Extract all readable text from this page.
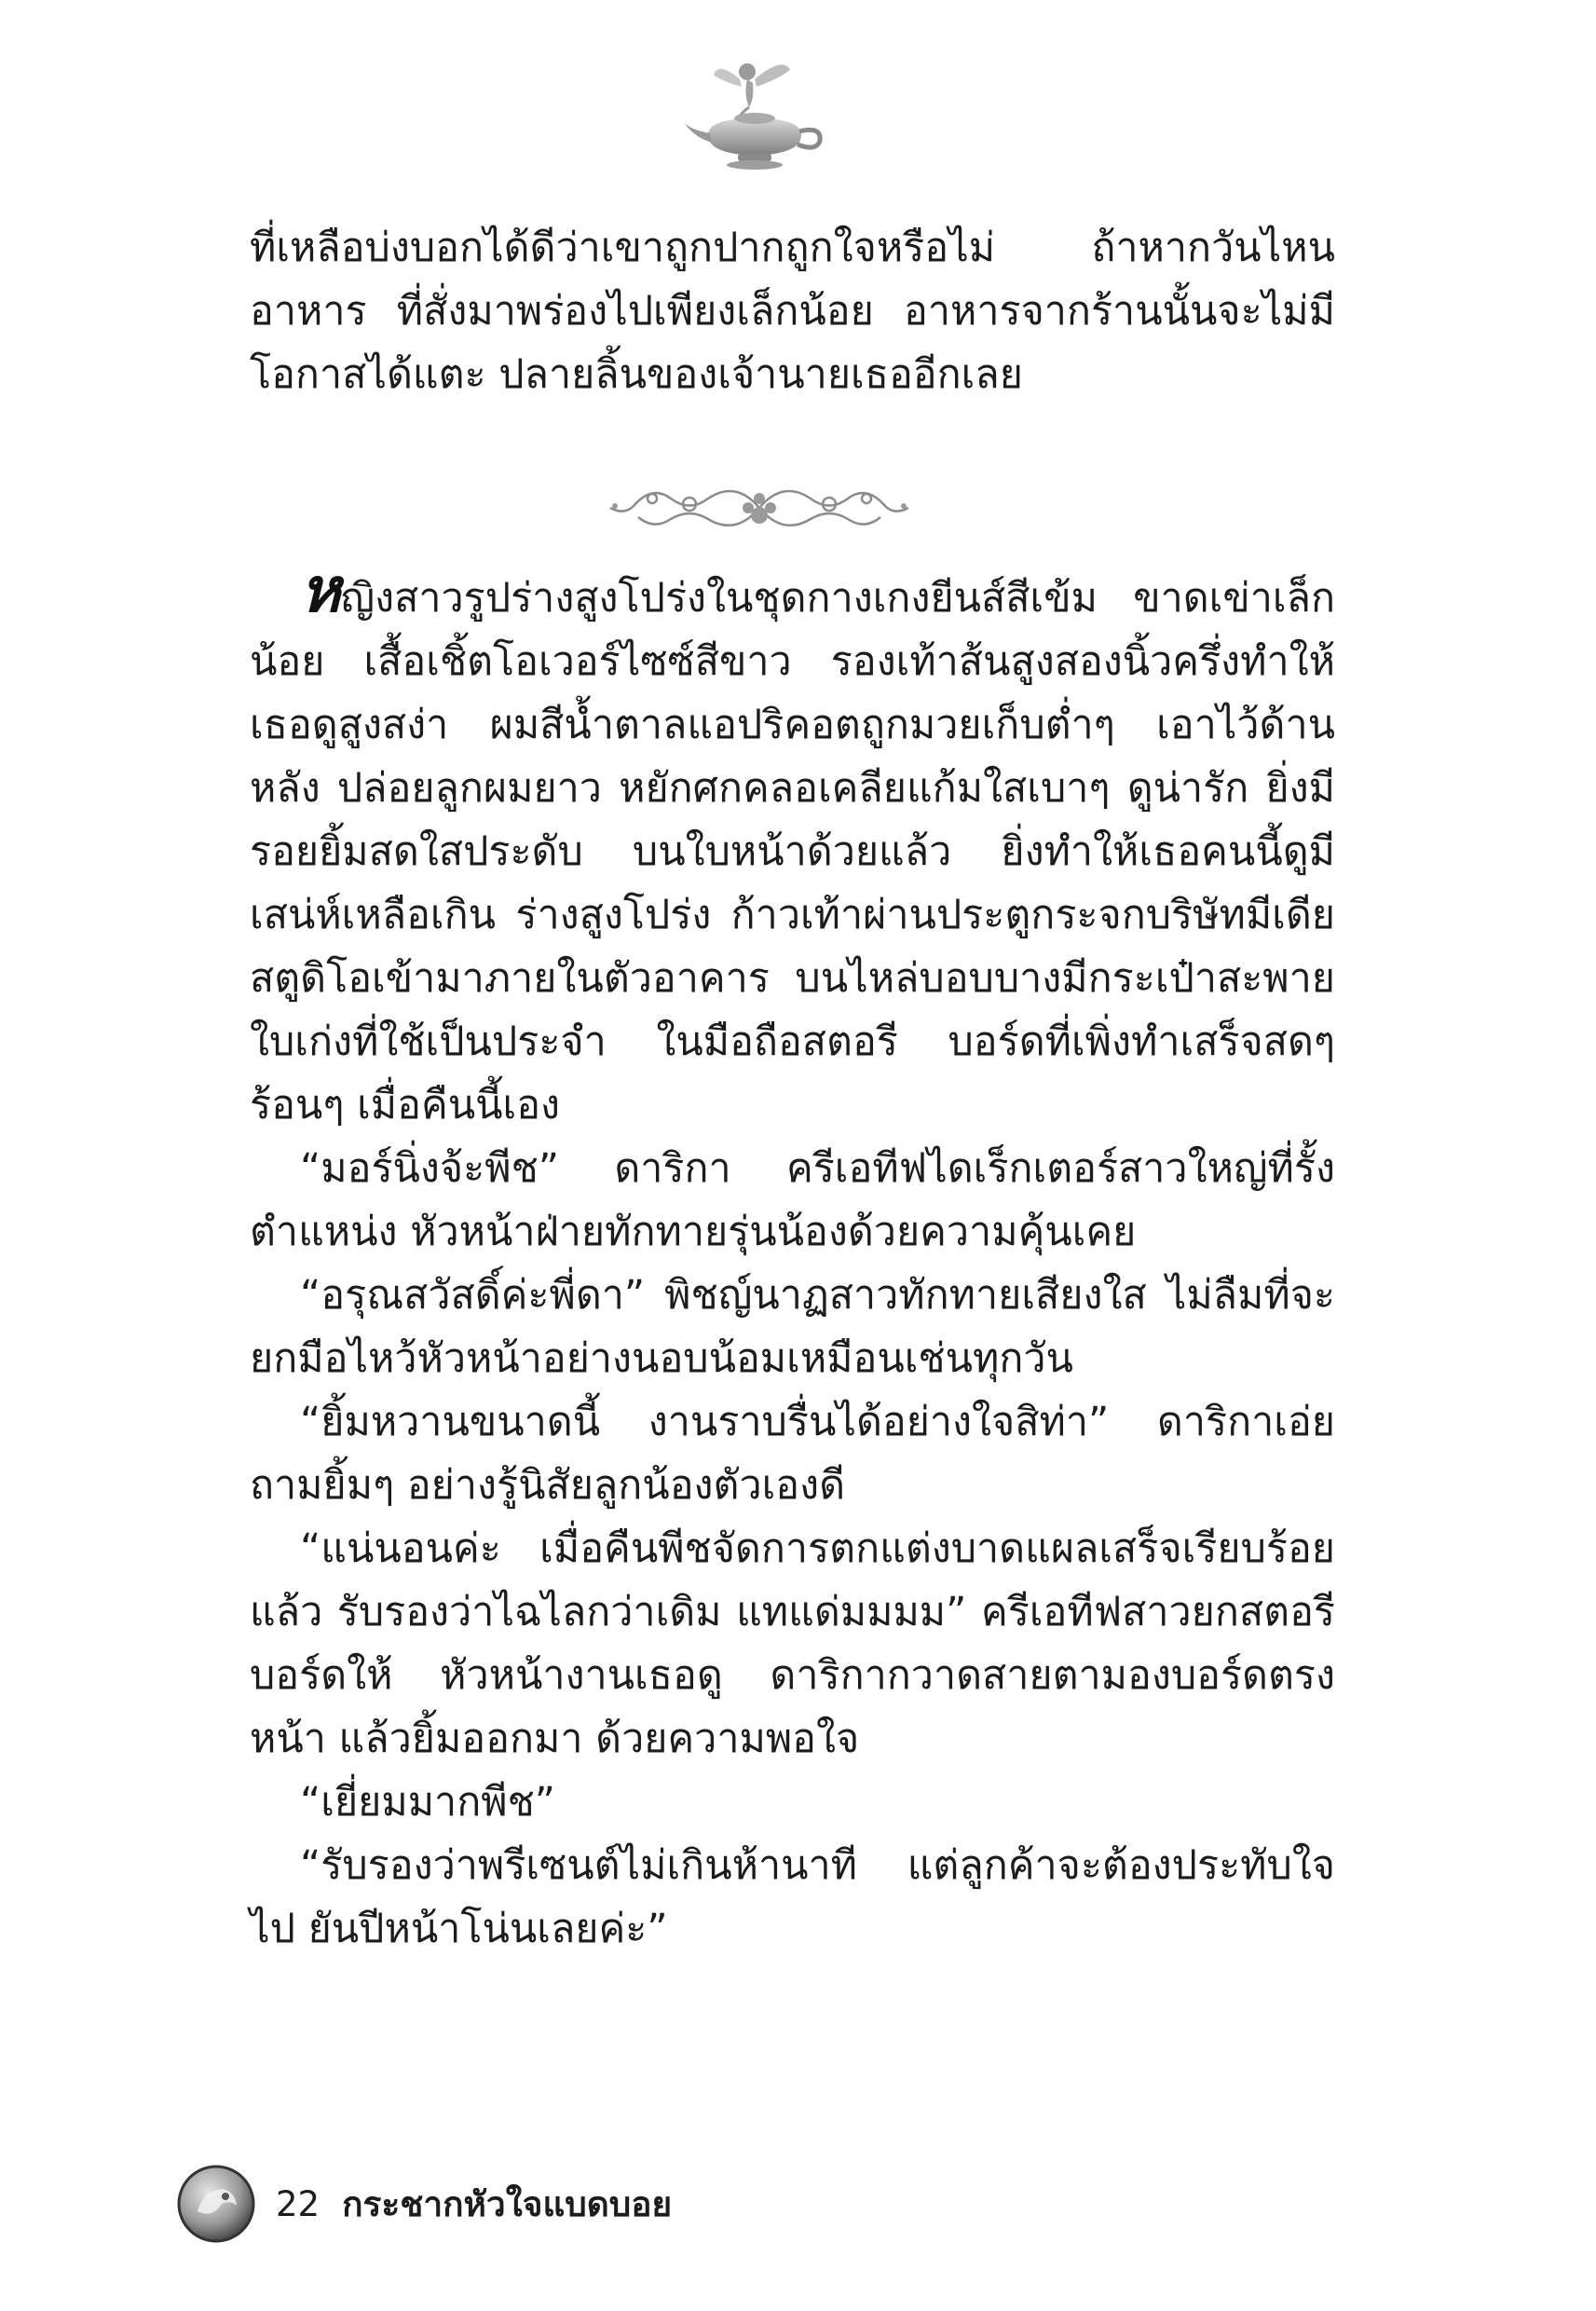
ที่เหลือบ่งบอกได้ดีว่าเขาถูกปากถูกใจหรือไม่ ถ้าหากวันไหนอาหาร ที่สั่งมาพร่องไปเพียงเล็กน้อย อาหารจากร้านนั้นจะไม่มีโอกาสได้แตะ ปลายลิ้นของเจ้านายเธออีกเลย

หญิงสาวรูปร่างสูงโปร่งในชุดกางเกงยีนส์สีเข้ม ขาดเข่าเล็กน้อย เสื้อเชิ้ตโอเวอร์ไซซ์สีขาว รองเท้าส้นสูงสองนิ้วครึ่งทำให้เธอดูสูงสง่า ผมสีน้ำตาลแอปริคอตถูกมวยเก็บต่ำๆ เอาไว้ด้านหลัง ปล่อยลูกผมยาว หยักศกคลอเคลียแก้มใสเบาๆ ดูน่ารัก ยิ่งมีรอยยิ้มสดใสประดับ บนใบหน้าด้วยแล้ว ยิ่งทำให้เธอคนนี้ดูมีเสน่ห์เหลือเกิน ร่างสูงโปร่ง ก้าวเท้าผ่านประตูกระจกบริษัทมีเดียสตูดิโอเข้ามาภายในตัวอาคาร บนไหล่บอบบางมีกระเป๋าสะพายใบเก่งที่ใช้เป็นประจำ ในมือถือสตอรี บอร์ดที่เพิ่งทำเสร็จสดๆ ร้อนๆ เมื่อคืนนี้เอง

“มอร์นิ่งจ้ะพีช” ดาริกา ครีเอทีฟไดเร็กเตอร์สาวใหญ่ที่รั้งตำแหน่ง หัวหน้าฝ่ายทักทายรุ่นน้องด้วยความคุ้นเคย

“อรุณสวัสดิ์ค่ะพี่ดา” พิชญ์นาฏสาวทักทายเสียงใส ไม่ลืมที่จะ ยกมือไหว้หัวหน้าอย่างนอบน้อมเหมือนเช่นทุกวัน

“ยิ้มหวานขนาดนี้ งานราบรื่นได้อย่างใจสิท่า” ดาริกาเอ่ยถามยิ้มๆ อย่างรู้นิสัยลูกน้องตัวเองดี

“แน่นอนค่ะ เมื่อคืนพีชจัดการตกแต่งบาดแผลเสร็จเรียบร้อยแล้ว รับรองว่าไฉไลกว่าเดิม แทแด่มมมม” ครีเอทีฟสาวยกสตอรีบอร์ดให้ หัวหน้างานเธอดู ดาริกากวาดสายตามองบอร์ดตรงหน้า แล้วยิ้มออกมา ด้วยความพอใจ

“เยี่ยมมากพีช”

“รับรองว่าพรีเซนต์ไม่เกินห้านาที แต่ลูกค้าจะต้องประทับใจไป ยันปีหน้าโน่นเลยค่ะ”

22 กระชากหัวใจแบดบอย
